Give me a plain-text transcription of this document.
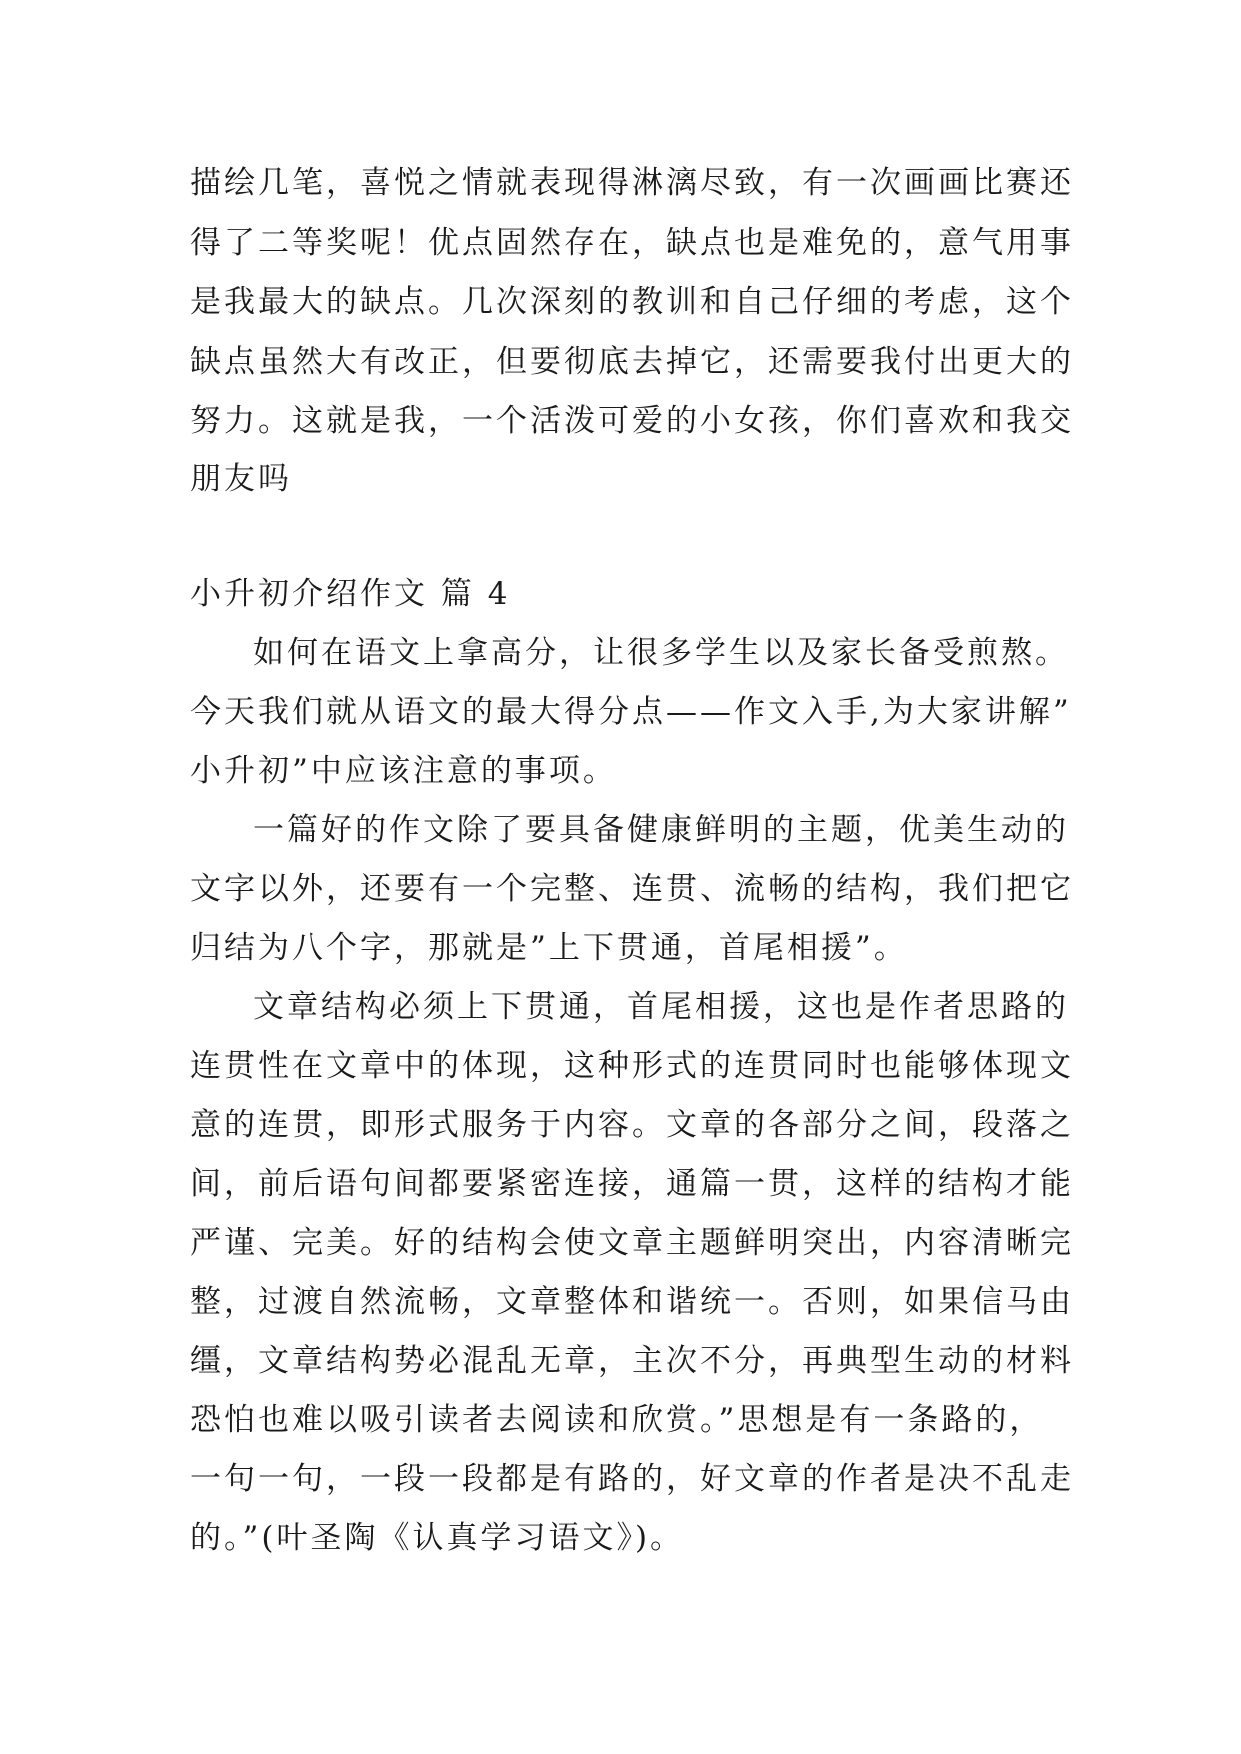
描绘几笔，喜悦之情就表现得淋漓尽致，有一次画画比赛还
得了二等奖呢！优点固然存在，缺点也是难免的，意气用事
是我最大的缺点。几次深刻的教训和自己仔细的考虑，这个
缺点虽然大有改正，但要彻底去掉它，还需要我付出更大的
努力。这就是我，一个活泼可爱的小女孩，你们喜欢和我交
朋友吗
小升初介绍作文 篇 4
如何在语文上拿高分，让很多学生以及家长备受煎熬。
今天我们就从语文的最大得分点——作文入手,为大家讲解”
小升初”中应该注意的事项。
一篇好的作文除了要具备健康鲜明的主题，优美生动的
文字以外，还要有一个完整、连贯、流畅的结构，我们把它
归结为八个字，那就是”上下贯通，首尾相援”。
文章结构必须上下贯通，首尾相援，这也是作者思路的
连贯性在文章中的体现，这种形式的连贯同时也能够体现文
意的连贯，即形式服务于内容。文章的各部分之间，段落之
间，前后语句间都要紧密连接，通篇一贯，这样的结构才能
严谨、完美。好的结构会使文章主题鲜明突出，内容清晰完
整，过渡自然流畅，文章整体和谐统一。否则，如果信马由
缰，文章结构势必混乱无章，主次不分，再典型生动的材料
恐怕也难以吸引读者去阅读和欣赏。”思想是有一条路的，
一句一句，一段一段都是有路的，好文章的作者是决不乱走
的。”(叶圣陶《认真学习语文》)。
